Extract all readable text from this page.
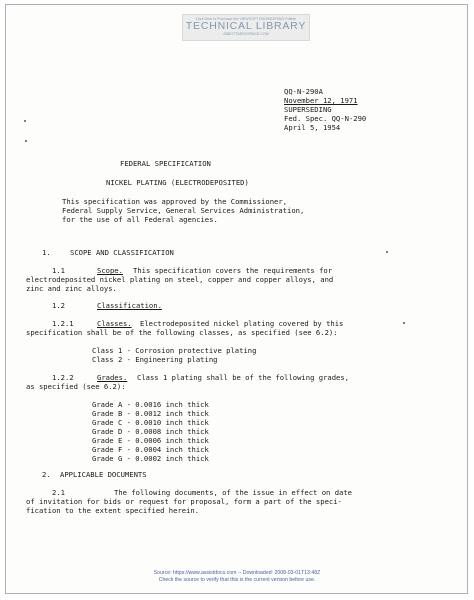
Click Here to Purchase the VIEWSOFT ENGINEERING Edition
TECHNICAL LIBRARY
ABBOTTAEROSPACE.COM
QQ-N-290A
November 12, 1971
SUPERSEDING
Fed. Spec. QQ-N-290
April 5, 1954
FEDERAL SPECIFICATION
NICKEL PLATING (ELECTRODEPOSITED)
This specification was approved by the Commissioner,
Federal Supply Service, General Services Administration,
for the use of all Federal agencies.
1.	SCOPE AND CLASSIFICATION
1.1	Scope. This specification covers the requirements for
electrodeposited nickel plating on steel, copper and copper alloys, and
zinc and zinc alloys.
1.2	Classification.
1.2.1	Classes. Electrodeposited nickel plating covered by this
specification shall be of the following classes, as specified (see 6.2):
Class 1 - Corrosion protective plating
Class 2 - Engineering plating
1.2.2	Grades. Class 1 plating shall be of the following grades,
as specified (see 6.2):
Grade A - 0.0016 inch thick
Grade B - 0.0012 inch thick
Grade C - 0.0010 inch thick
Grade D - 0.0008 inch thick
Grade E - 0.0006 inch thick
Grade F - 0.0004 inch thick
Grade G - 0.0002 inch thick
2. APPLICABLE DOCUMENTS
2.1	The following documents, of the issue in effect on date
of invitation for bids or request for proposal, form a part of the speci-
fication to the extent specified herein.
Source: https://www.assistdocs.com -- Downloaded: 2008-03-01T13:48Z
Check the source to verify that this is the current version before use.
